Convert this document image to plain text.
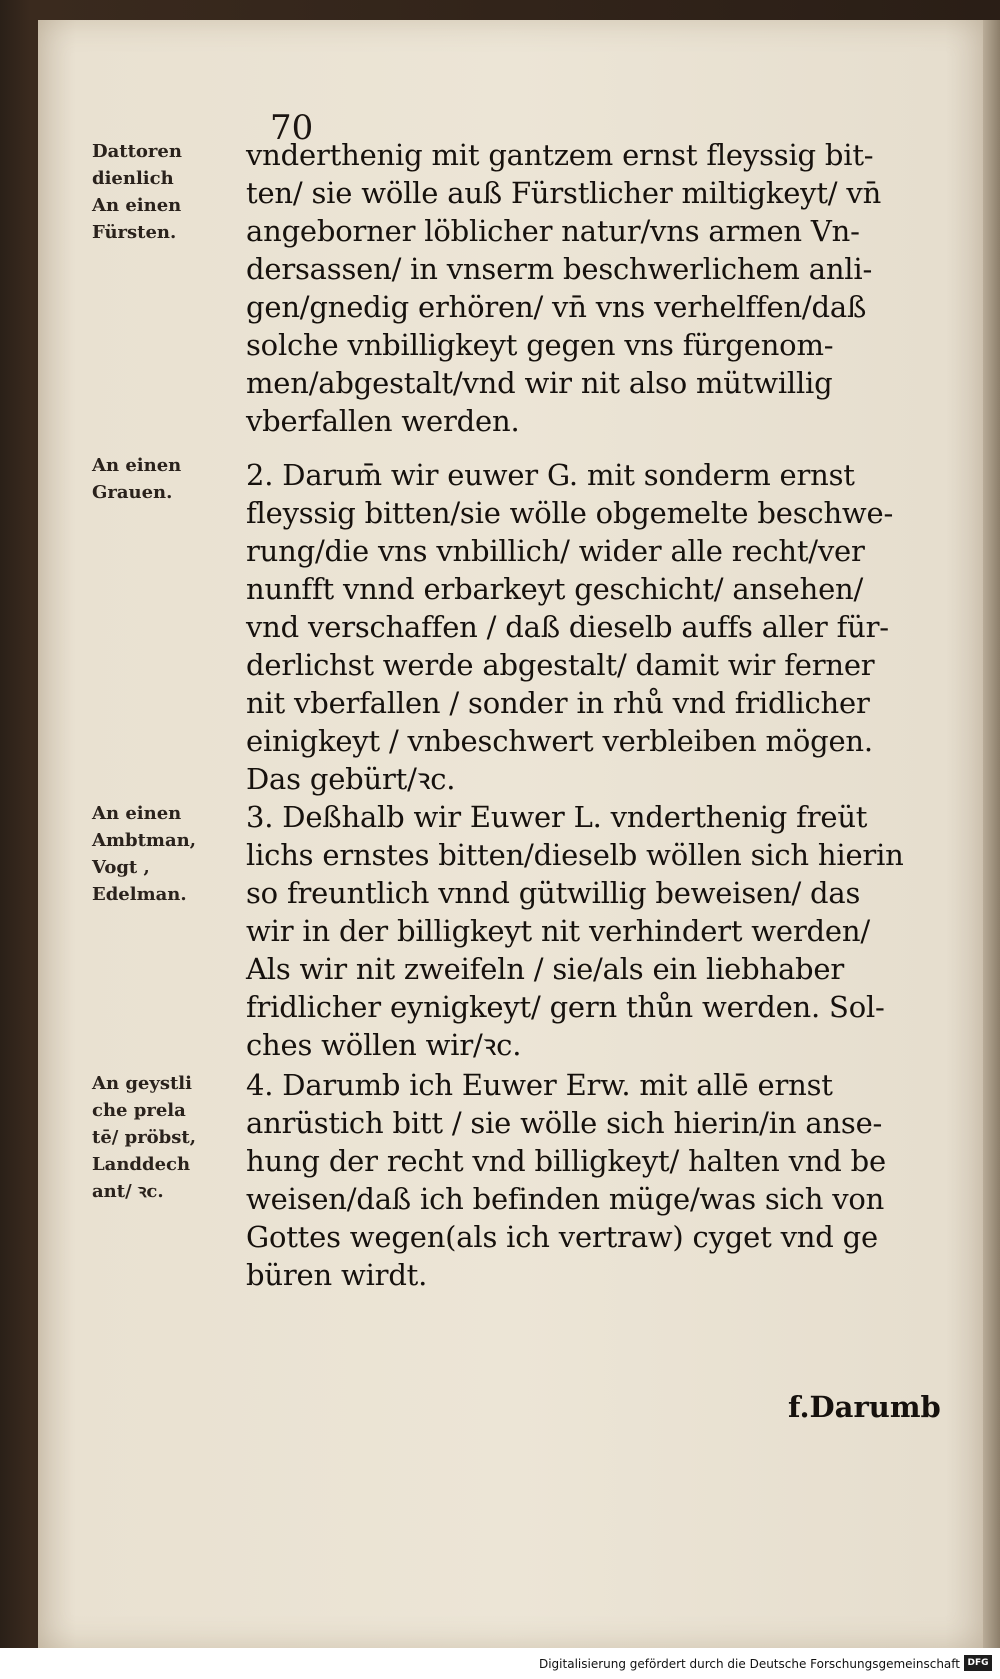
70
Dattoren
dienlich
An einen
Fürsten.
An einen
Grauen.
An einen
Ambtman,
Vogt ,
Edelman.
An geystli
che prela
tē/ pröbst,
Landdech
ant/ ꝛc.
vnderthenig mit gantzem ernst fleyssig bit-
ten/ sie wölle auß Fürstlicher miltigkeyt/ vn̄
angeborner löblicher natur/vns armen Vn-
dersassen/ in vnserm beschwerlichem anli-
gen/gnedig erhören/ vn̄ vns verhelffen/daß
solche vnbilligkeyt gegen vns fürgenom-
men/abgestalt/vnd wir nit also mütwillig
vberfallen werden.
2. Darum̄ wir euwer G. mit sonderm ernst
fleyssig bitten/sie wölle obgemelte beschwe-
rung/die vns vnbillich/ wider alle recht/ver
nunfft vnnd erbarkeyt geschicht/ ansehen/
vnd verschaffen / daß dieselb auffs aller für-
derlichst werde abgestalt/ damit wir ferner
nit vberfallen / sonder in rhů vnd fridlicher
einigkeyt / vnbeschwert verbleiben mögen.
Das gebürt/ꝛc.
3. Deßhalb wir Euwer L. vnderthenig freüt
lichs ernstes bitten/dieselb wöllen sich hierin
so freuntlich vnnd gütwillig beweisen/ das
wir in der billigkeyt nit verhindert werden/
Als wir nit zweifeln / sie/als ein liebhaber
fridlicher eynigkeyt/ gern thůn werden. Sol-
ches wöllen wir/ꝛc.
4. Darumb ich Euwer Erw. mit allē ernst
anrüstich bitt / sie wölle sich hierin/in anse-
hung der recht vnd billigkeyt/ halten vnd be
weisen/daß ich befinden müge/was sich von
Gottes wegen(als ich vertraw) cyget vnd ge
büren wirdt.
f.Darumb
Digitalisierung gefördert durch die Deutsche Forschungsgemeinschaft DFG
